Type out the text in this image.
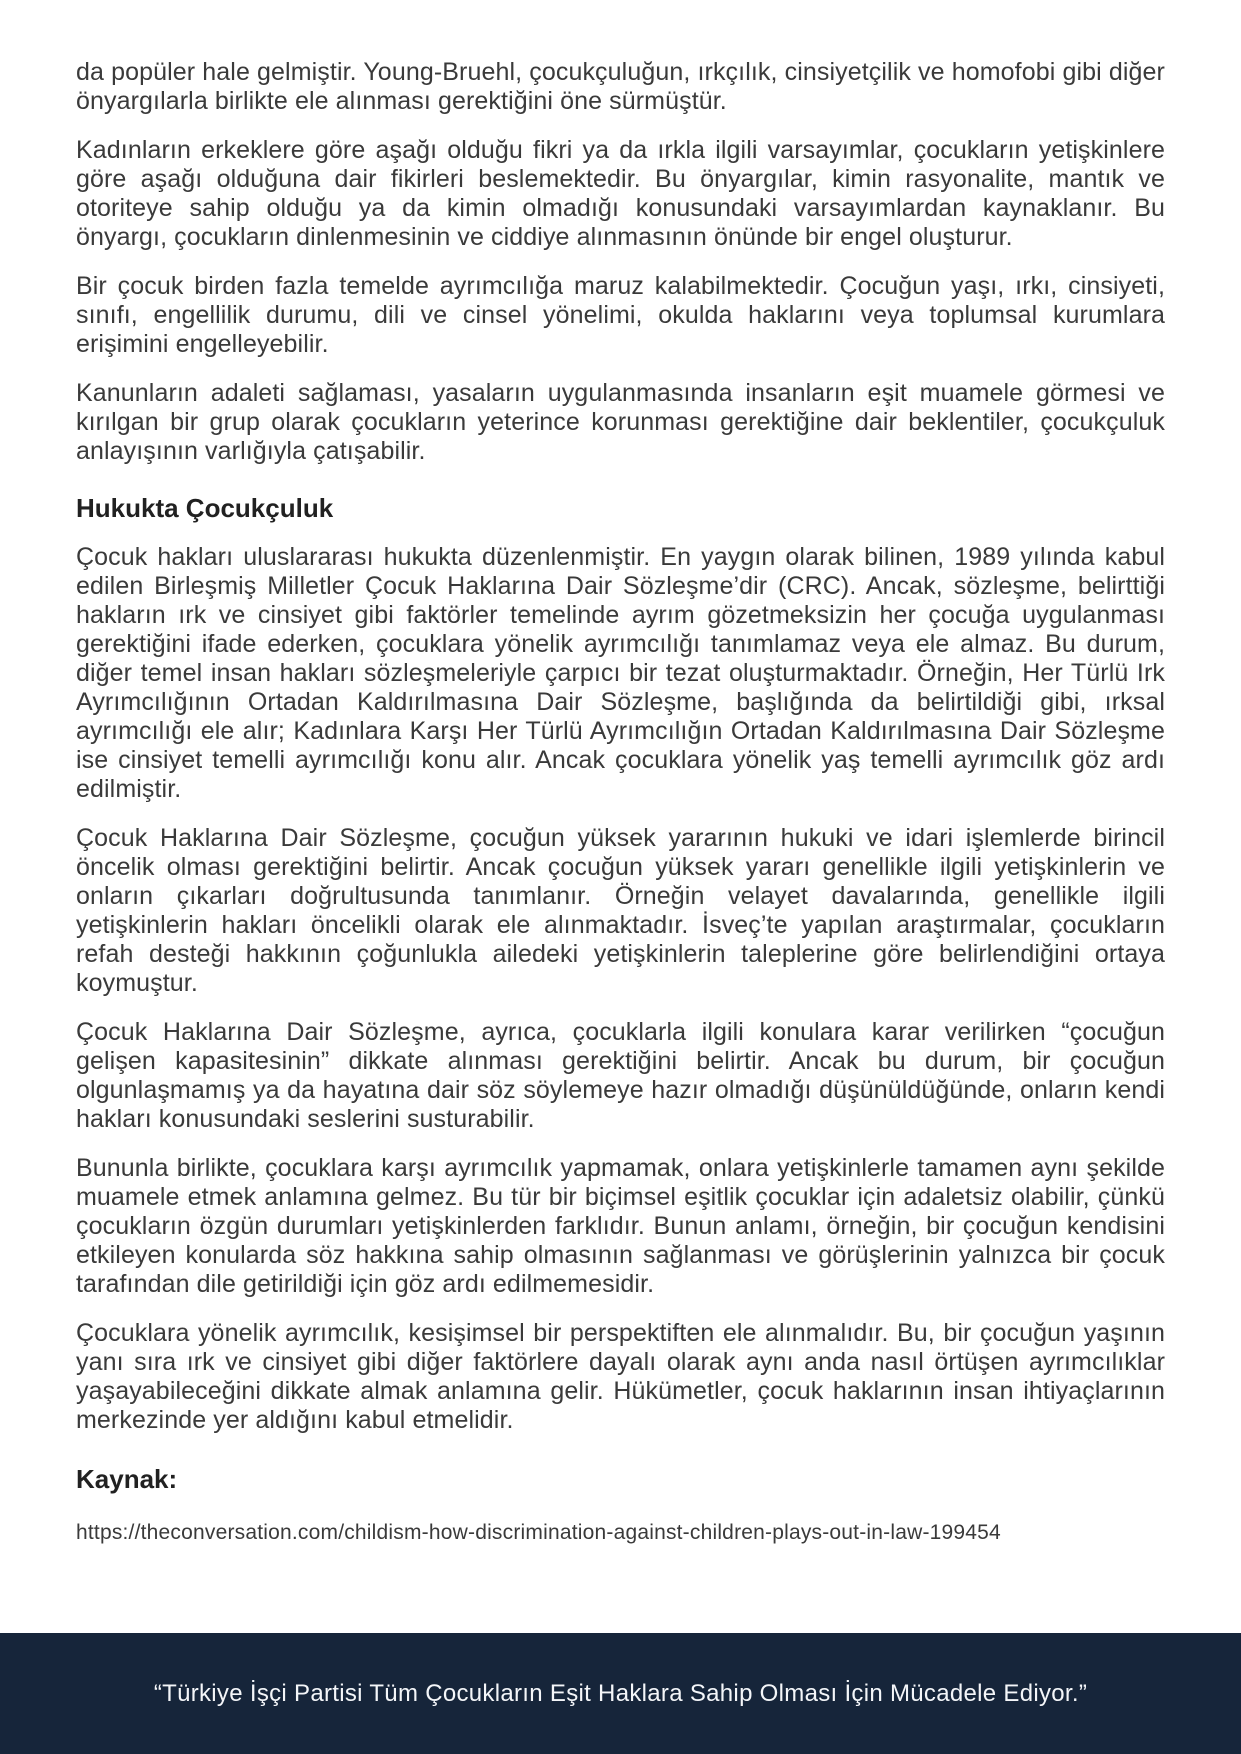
da popüler hale gelmiştir. Young-Bruehl, çocukçuluğun, ırkçılık, cinsiyetçilik ve homofobi gibi diğer önyargılarla birlikte ele alınması gerektiğini öne sürmüştür.

Kadınların erkeklere göre aşağı olduğu fikri ya da ırkla ilgili varsayımlar, çocukların yetişkinlere göre aşağı olduğuna dair fikirleri beslemektedir. Bu önyargılar, kimin rasyonalite, mantık ve otoriteye sahip olduğu ya da kimin olmadığı konusundaki varsayımlardan kaynaklanır. Bu önyargı, çocukların dinlenmesinin ve ciddiye alınmasının önünde bir engel oluşturur.

Bir çocuk birden fazla temelde ayrımcılığa maruz kalabilmektedir. Çocuğun yaşı, ırkı, cinsiyeti, sınıfı, engellilik durumu, dili ve cinsel yönelimi, okulda haklarını veya toplumsal kurumlara erişimini engelleyebilir.

Kanunların adaleti sağlaması, yasaların uygulanmasında insanların eşit muamele görmesi ve kırılgan bir grup olarak çocukların yeterince korunması gerektiğine dair beklentiler, çocukçuluk anlayışının varlığıyla çatışabilir.

Hukukta Çocukçuluk

Çocuk hakları uluslararası hukukta düzenlenmiştir. En yaygın olarak bilinen, 1989 yılında kabul edilen Birleşmiş Milletler Çocuk Haklarına Dair Sözleşme’dir (CRC). Ancak, sözleşme, belirttiği hakların ırk ve cinsiyet gibi faktörler temelinde ayrım gözetmeksizin her çocuğa uygulanması gerektiğini ifade ederken, çocuklara yönelik ayrımcılığı tanımlamaz veya ele almaz. Bu durum, diğer temel insan hakları sözleşmeleriyle çarpıcı bir tezat oluşturmaktadır. Örneğin, Her Türlü Irk Ayrımcılığının Ortadan Kaldırılmasına Dair Sözleşme, başlığında da belirtildiği gibi, ırksal ayrımcılığı ele alır; Kadınlara Karşı Her Türlü Ayrımcılığın Ortadan Kaldırılmasına Dair Sözleşme ise cinsiyet temelli ayrımcılığı konu alır. Ancak çocuklara yönelik yaş temelli ayrımcılık göz ardı edilmiştir.

Çocuk Haklarına Dair Sözleşme, çocuğun yüksek yararının hukuki ve idari işlemlerde birincil öncelik olması gerektiğini belirtir. Ancak çocuğun yüksek yararı genellikle ilgili yetişkinlerin ve onların çıkarları doğrultusunda tanımlanır. Örneğin velayet davalarında, genellikle ilgili yetişkinlerin hakları öncelikli olarak ele alınmaktadır. İsveç’te yapılan araştırmalar, çocukların refah desteği hakkının çoğunlukla ailedeki yetişkinlerin taleplerine göre belirlendiğini ortaya koymuştur.

Çocuk Haklarına Dair Sözleşme, ayrıca, çocuklarla ilgili konulara karar verilirken “çocuğun gelişen kapasitesinin” dikkate alınması gerektiğini belirtir. Ancak bu durum, bir çocuğun olgunlaşmamış ya da hayatına dair söz söylemeye hazır olmadığı düşünüldüğünde, onların kendi hakları konusundaki seslerini susturabilir.

Bununla birlikte, çocuklara karşı ayrımcılık yapmamak, onlara yetişkinlerle tamamen aynı şekilde muamele etmek anlamına gelmez. Bu tür bir biçimsel eşitlik çocuklar için adaletsiz olabilir, çünkü çocukların özgün durumları yetişkinlerden farklıdır. Bunun anlamı, örneğin, bir çocuğun kendisini etkileyen konularda söz hakkına sahip olmasının sağlanması ve görüşlerinin yalnızca bir çocuk tarafından dile getirildiği için göz ardı edilmemesidir.

Çocuklara yönelik ayrımcılık, kesişimsel bir perspektiften ele alınmalıdır. Bu, bir çocuğun yaşının yanı sıra ırk ve cinsiyet gibi diğer faktörlere dayalı olarak aynı anda nasıl örtüşen ayrımcılıklar yaşayabileceğini dikkate almak anlamına gelir. Hükümetler, çocuk haklarının insan ihtiyaçlarının merkezinde yer aldığını kabul etmelidir.

Kaynak:

https://theconversation.com/childism-how-discrimination-against-children-plays-out-in-law-199454

“Türkiye İşçi Partisi Tüm Çocukların Eşit Haklara Sahip Olması İçin Mücadele Ediyor.”
